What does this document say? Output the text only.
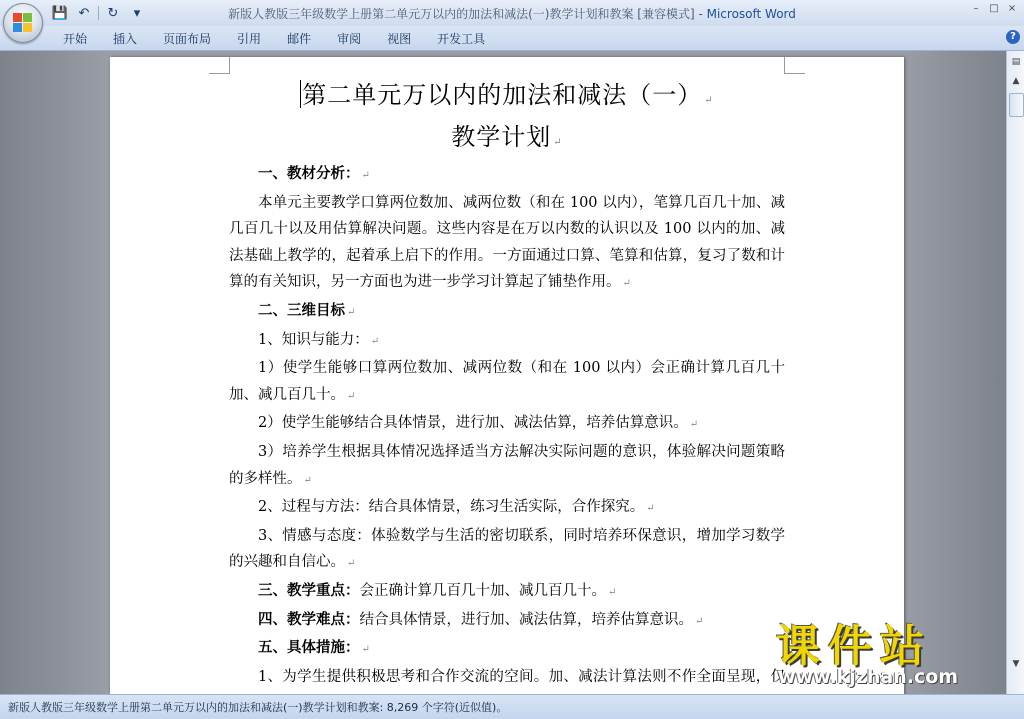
💾 ↶	↻	▾	新版人教版三年级数学上册第二单元万以内的加法和减法(一)教学计划和教案 [兼容模式] - Microsoft Word	–	□ ×
开始	插入	页面布局	引用	邮件	审阅	视图	开发工具	?
第二单元万以内的加法和减法（一） ↵
教学计划 ↵
一、教材分析： ↵
本单元主要教学口算两位数加、减两位数（和在 100 以内），笔算几百几十加、减几百几十以及用估算解决问题。这些内容是在万以内数的认识以及 100 以内的加、减法基础上教学的，起着承上启下的作用。一方面通过口算、笔算和估算，复习了数和计算的有关知识，另一方面也为进一步学习计算起了铺垫作用。 ↵
二、三维目标 ↵
1、知识与能力： ↵
1）使学生能够口算两位数加、减两位数（和在 100 以内）会正确计算几百几十加、减几百几十。 ↵
2）使学生能够结合具体情景，进行加、减法估算，培养估算意识。 ↵
3）培养学生根据具体情况选择适当方法解决实际问题的意识，体验解决问题策略的多样性。 ↵
2、过程与方法：结合具体情景，练习生活实际，合作探究。 ↵
3、情感与态度：体验数学与生活的密切联系，同时培养环保意识，增加学习数学的兴趣和自信心。 ↵
三、教学重点：会正确计算几百几十加、减几百几十。 ↵
四、教学难点：结合具体情景，进行加、减法估算，培养估算意识。 ↵
五、具体措施： ↵
1、为学生提供积极思考和合作交流的空间。加、减法计算法则不作全面呈现，仅
▤
▲
▼
新版人教版三年级数学上册第二单元万以内的加法和减法(一)教学计划和教案: 8,269 个字符(近似值)。
课件站
www.kjzhan.com
